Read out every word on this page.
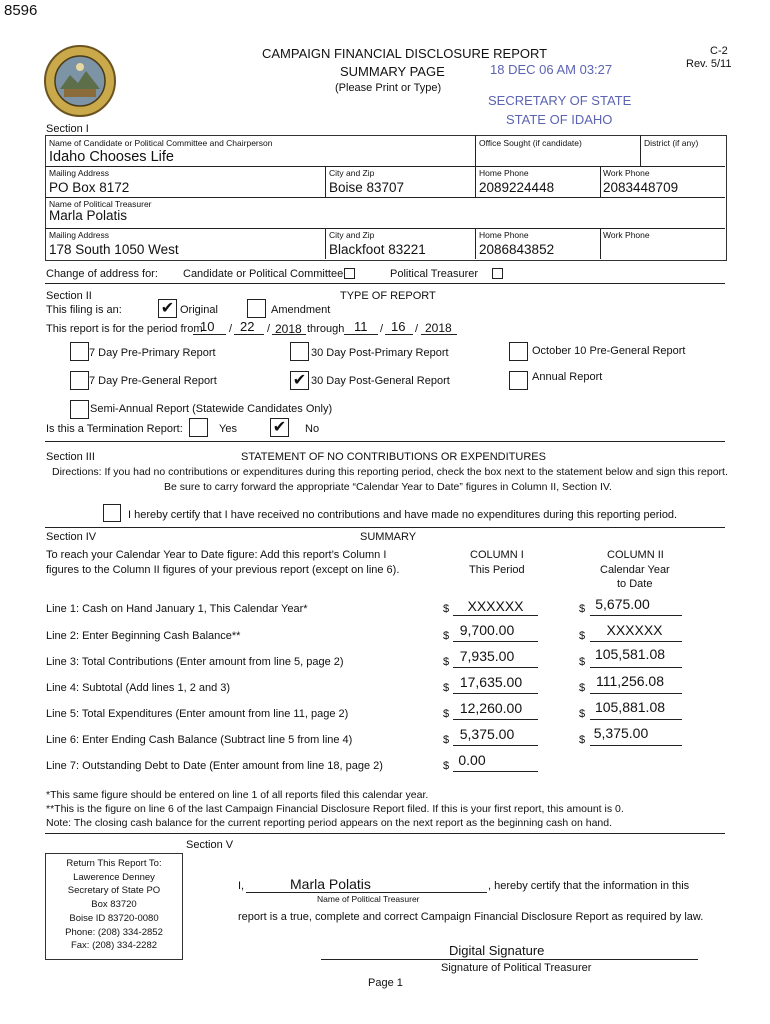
8596
CAMPAIGN FINANCIAL DISCLOSURE REPORT
SUMMARY PAGE	18 DEC 06 AM 03:27
C-2
Rev. 5/11
(Please Print or Type)
SECRETARY OF STATE
STATE OF IDAHO
Section I
Name of Candidate or Political Committee and Chairperson
Idaho Chooses Life
Office Sought (if candidate)	District (if any)
Mailing Address
PO Box 8172
City and Zip
Boise 83707
Home Phone
2089224448
Work Phone
2083448709
Name of Political Treasurer
Marla Polatis
Mailing Address
178 South 1050 West
City and Zip
Blackfoot 83221
Home Phone
2086843852
Work Phone
Change of address for: Candidate or Political Committee	Political Treasurer
Section II	TYPE OF REPORT
This filing is an: ✔ Original	Amendment
This report is for the period from
10 / 22 / 2018 through 11 / 16 / 2018
7 Day Pre-Primary Report	30 Day Post-Primary Report	October 10 Pre-General Report
7 Day Pre-General Report	✔ 30 Day Post-General Report	Annual Report
Semi-Annual Report (Statewide Candidates Only)
Is this a Termination Report:	Yes ✔ No
Section III	STATEMENT OF NO CONTRIBUTIONS OR EXPENDITURES
Directions: If you had no contributions or expenditures during this reporting period, check the box next to the statement below and sign this report.
Be sure to carry forward the appropriate “Calendar Year to Date” figures in Column II, Section IV.
I hereby certify that I have received no contributions and have made no expenditures during this reporting period.
Section IV	SUMMARY
To reach your Calendar Year to Date figure: Add this report’s Column I
figures to the Column II figures of your previous report (except on line 6).
COLUMN I
This Period
COLUMN II
Calendar Year
to Date
Line 1: Cash on Hand January 1, This Calendar Year*	$	XXXXXX	$ 5,675.00
Line 2: Enter Beginning Cash Balance**	$ 9,700.00	$	XXXXXX
Line 3: Total Contributions (Enter amount from line 5, page 2)	$ 7,935.00	$ 105,581.08
Line 4: Subtotal (Add lines 1, 2 and 3)	$ 17,635.00	$ 111,256.08
Line 5: Total Expenditures (Enter amount from line 11, page 2)	$ 12,260.00	$ 105,881.08
Line 6: Enter Ending Cash Balance (Subtract line 5 from line 4)	$ 5,375.00	$ 5,375.00
Line 7: Outstanding Debt to Date (Enter amount from line 18, page 2)	$ 0.00
*This same figure should be entered on line 1 of all reports filed this calendar year.
**This is the figure on line 6 of the last Campaign Financial Disclosure Report filed. If this is your first report, this amount is 0.
Note: The closing cash balance for the current reporting period appears on the next report as the beginning cash on hand.
Section V
Return This Report To:
Lawerence Denney
Secretary of State PO
Box 83720
Boise ID 83720-0080
Phone: (208) 334-2852
Fax: (208) 334-2282
I,	Marla Polatis	, hereby certify that the information in this
Name of Political Treasurer
report is a true, complete and correct Campaign Financial Disclosure Report as required by law.
Digital Signature
Signature of Political Treasurer
Page 1
